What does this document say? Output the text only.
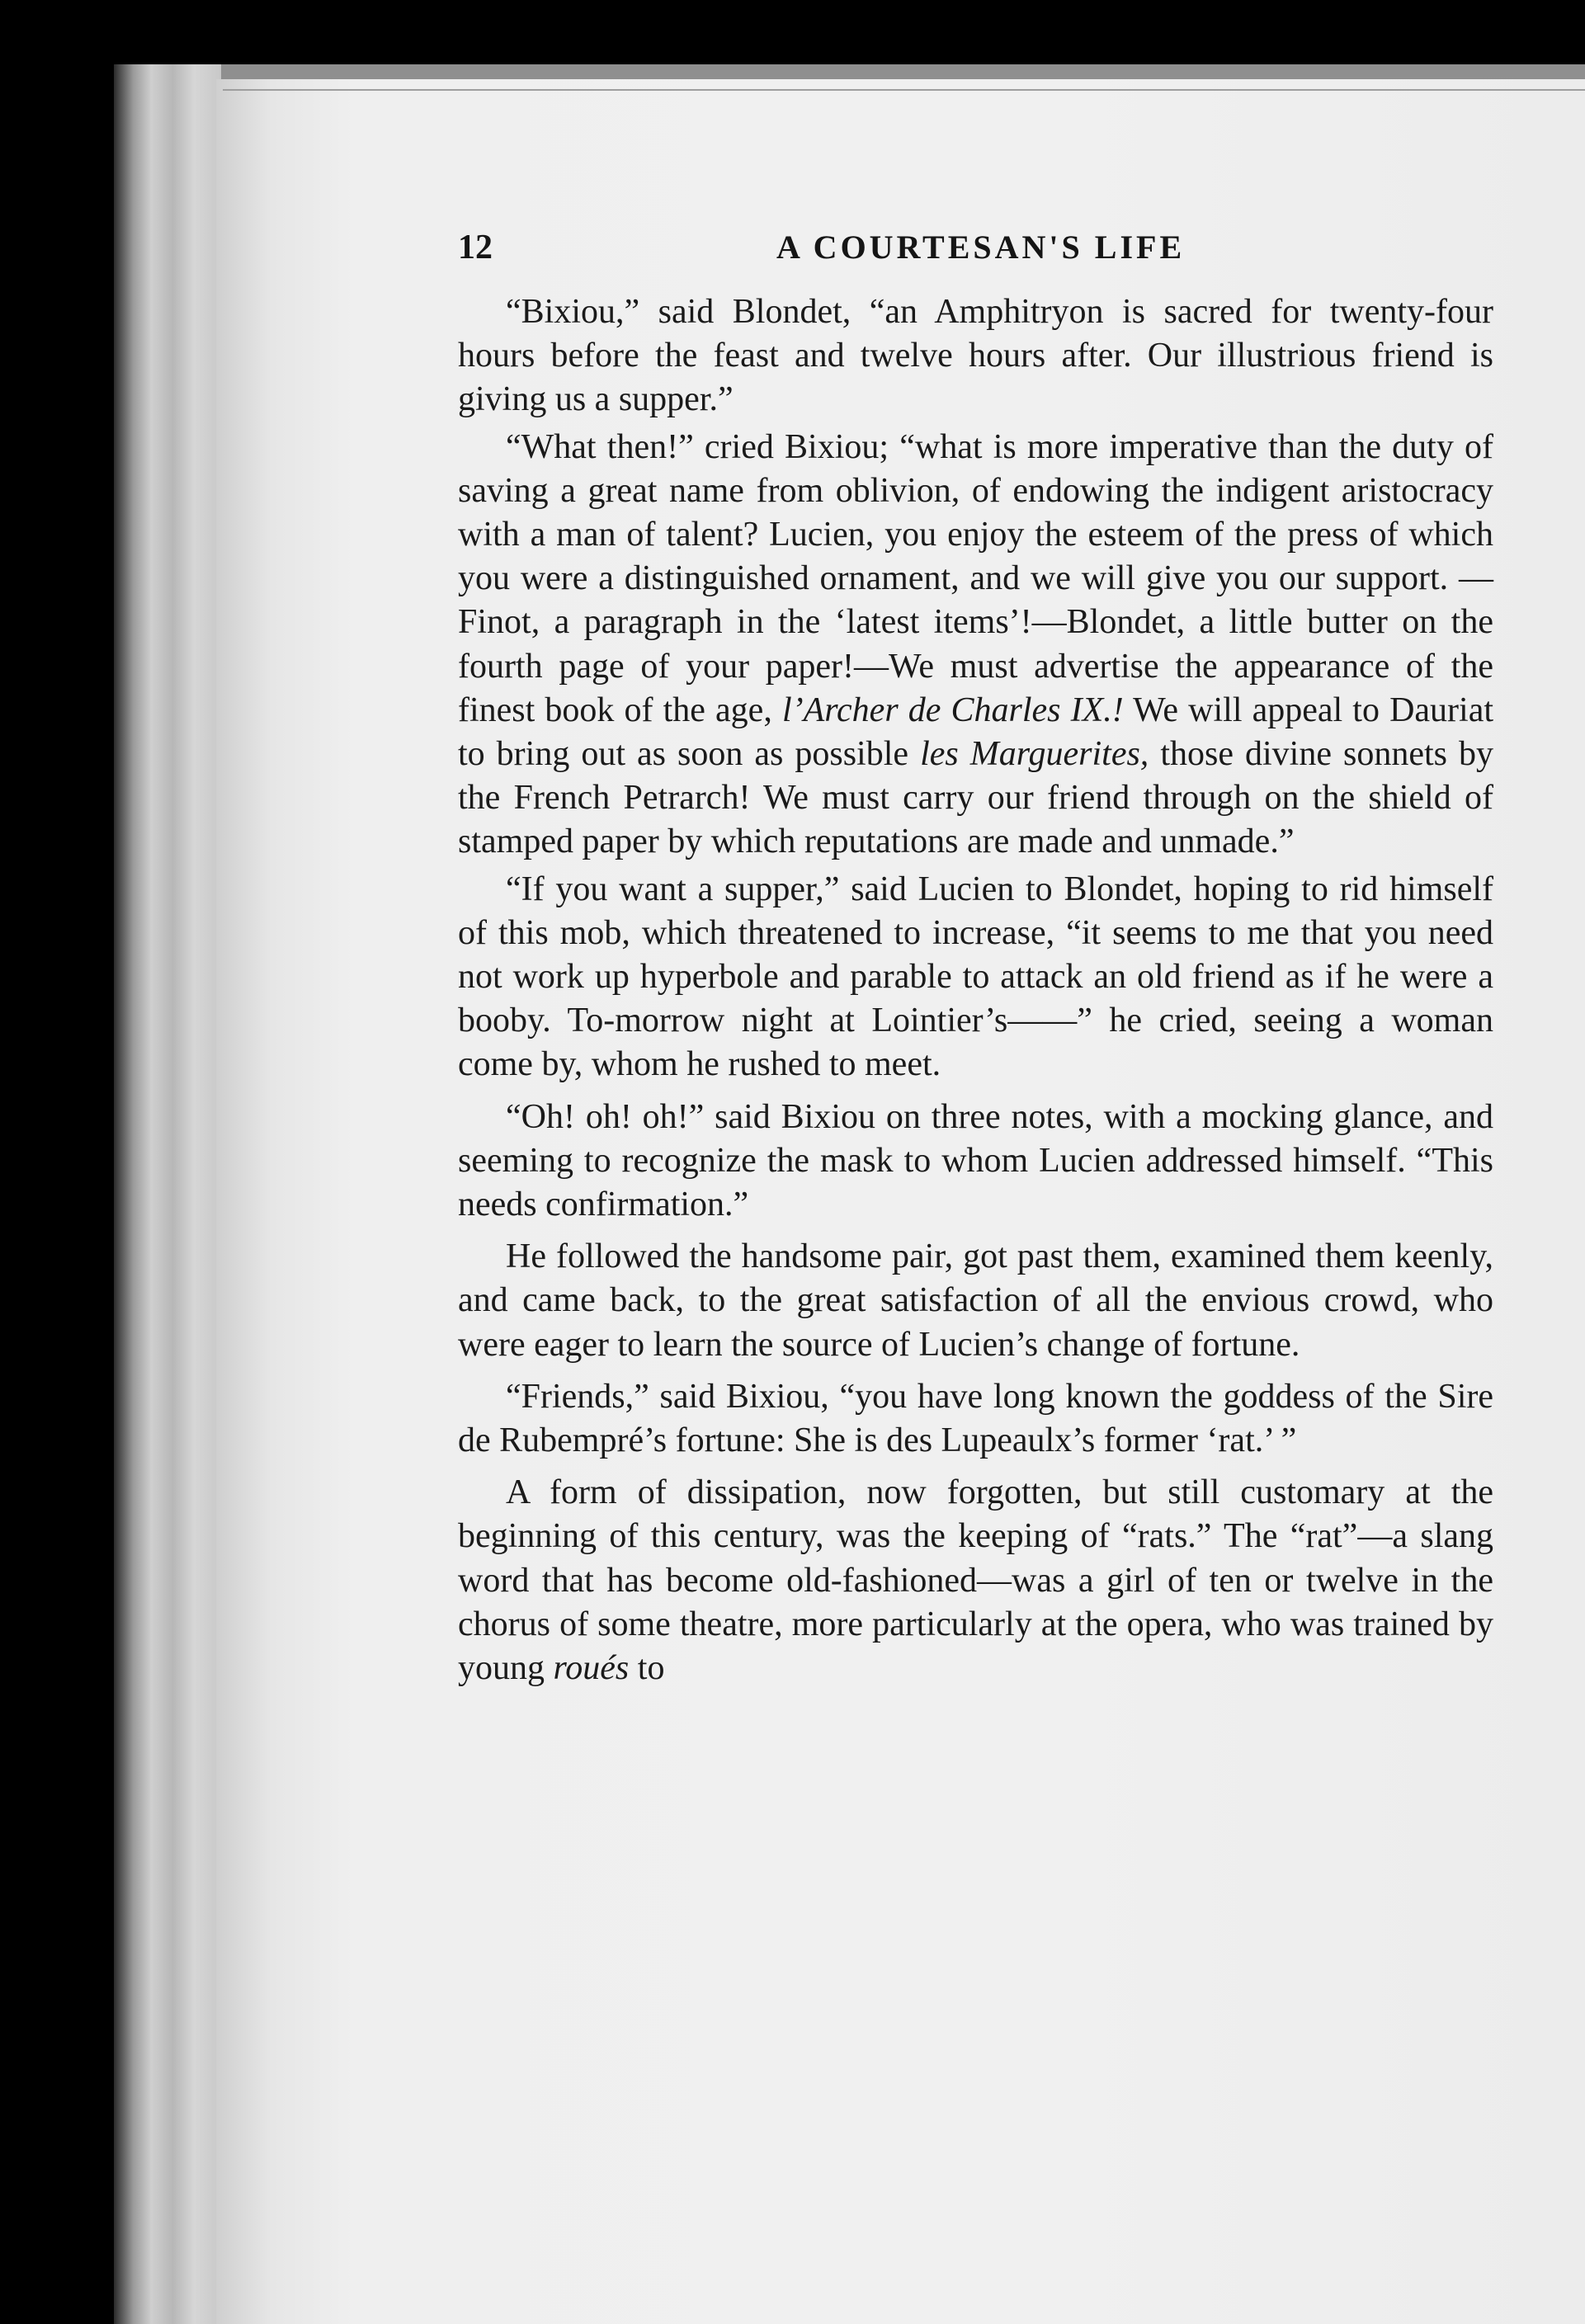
12	A COURTESAN'S LIFE

“Bixiou,” said Blondet, “an Amphitryon is sacred for twenty-four hours before the feast and twelve hours after. Our illustrious friend is giving us a supper.”

“What then!” cried Bixiou; “what is more imperative than the duty of saving a great name from oblivion, of endowing the indigent aristocracy with a man of talent? Lucien, you enjoy the esteem of the press of which you were a distinguished ornament, and we will give you our support. —Finot, a paragraph in the ‘latest items’!—Blondet, a little butter on the fourth page of your paper!—We must advertise the appearance of the finest book of the age, l’Archer de Charles IX.! We will appeal to Dauriat to bring out as soon as possible les Marguerites, those divine sonnets by the French Petrarch! We must carry our friend through on the shield of stamped paper by which reputations are made and unmade.”

“If you want a supper,” said Lucien to Blondet, hoping to rid himself of this mob, which threatened to increase, “it seems to me that you need not work up hyperbole and parable to attack an old friend as if he were a booby. To-morrow night at Lointier’s——” he cried, seeing a woman come by, whom he rushed to meet.

“Oh! oh! oh!” said Bixiou on three notes, with a mocking glance, and seeming to recognize the mask to whom Lucien addressed himself. “This needs confirmation.”

He followed the handsome pair, got past them, examined them keenly, and came back, to the great satisfaction of all the envious crowd, who were eager to learn the source of Lucien’s change of fortune.

“Friends,” said Bixiou, “you have long known the goddess of the Sire de Rubempré’s fortune: She is des Lupeaulx’s former ‘rat.’ ”

A form of dissipation, now forgotten, but still customary at the beginning of this century, was the keeping of “rats.” The “rat”—a slang word that has become old-fashioned—was a girl of ten or twelve in the chorus of some theatre, more particularly at the opera, who was trained by young roués to
